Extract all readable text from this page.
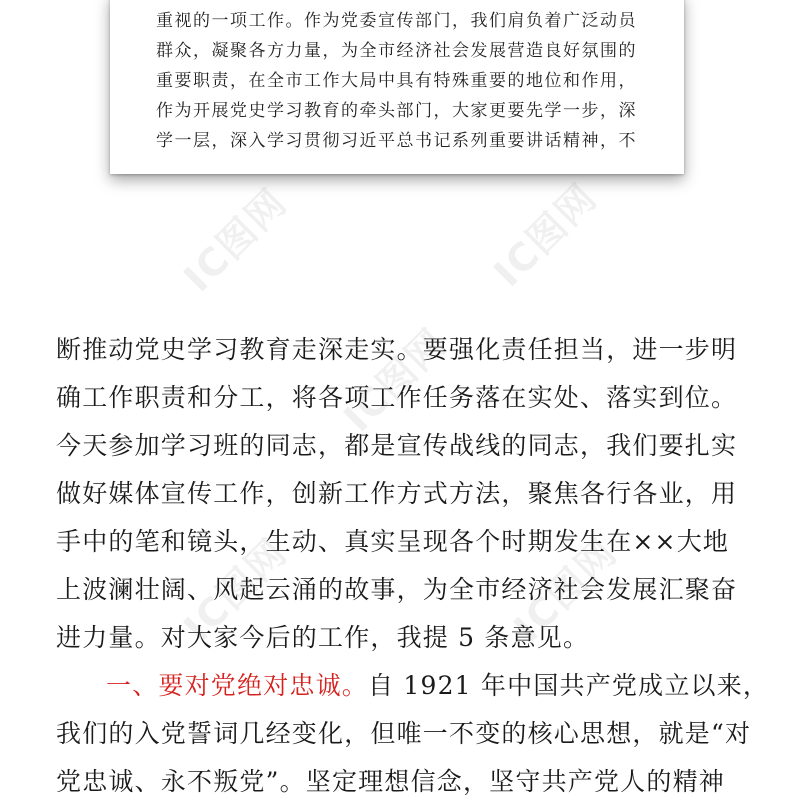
IC图网
IC图网	IC图网
重视的一项工作。作为党委宣传部门，我们肩负着广泛动员
群众，凝聚各方力量，为全市经济社会发展营造良好氛围的
重要职责，在全市工作大局中具有特殊重要的地位和作用，
作为开展党史学习教育的牵头部门，大家更要先学一步，深
学一层，深入学习贯彻习近平总书记系列重要讲话精神，不
断推动党史学习教育走深走实。要强化责任担当，进一步明
确工作职责和分工，将各项工作任务落在实处、落实到位。
今天参加学习班的同志，都是宣传战线的同志，我们要扎实
做好媒体宣传工作，创新工作方式方法，聚焦各行各业，用
手中的笔和镜头，生动、真实呈现各个时期发生在××大地
上波澜壮阔、风起云涌的故事，为全市经济社会发展汇聚奋
进力量。对大家今后的工作，我提 5 条意见。
一、要对党绝对忠诚。自 1921 年中国共产党成立以来，
我们的入党誓词几经变化，但唯一不变的核心思想，就是“对
党忠诚、永不叛党”。坚定理想信念，坚守共产党人的精神
